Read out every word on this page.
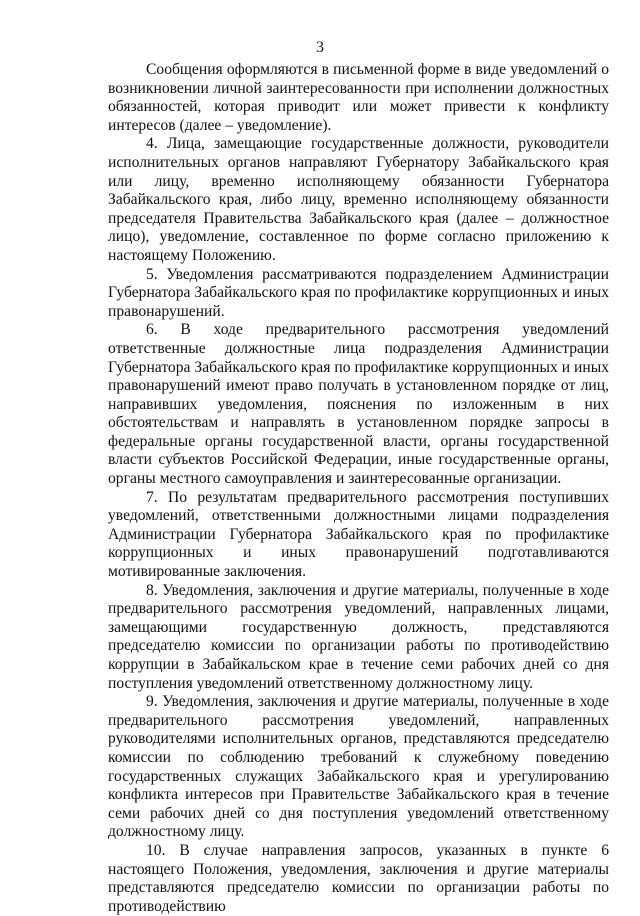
3

Сообщения оформляются в письменной форме в виде уведомлений о возникновении личной заинтересованности при исполнении должностных обязанностей, которая приводит или может привести к конфликту интересов (далее – уведомление).

4. Лица, замещающие государственные должности, руководители исполнительных органов направляют Губернатору Забайкальского края или лицу, временно исполняющему обязанности Губернатора Забайкальского края, либо лицу, временно исполняющему обязанности председателя Правительства Забайкальского края (далее – должностное лицо), уведомление, составленное по форме согласно приложению к настоящему Положению.

5. Уведомления рассматриваются подразделением Администрации Губернатора Забайкальского края по профилактике коррупционных и иных правонарушений.

6. В ходе предварительного рассмотрения уведомлений ответственные должностные лица подразделения Администрации Губернатора Забайкальского края по профилактике коррупционных и иных правонарушений имеют право получать в установленном порядке от лиц, направивших уведомления, пояснения по изложенным в них обстоятельствам и направлять в установленном порядке запросы в федеральные органы государственной власти, органы государственной власти субъектов Российской Федерации, иные государственные органы, органы местного самоуправления и заинтересованные организации.

7. По результатам предварительного рассмотрения поступивших уведомлений, ответственными должностными лицами подразделения Администрации Губернатора Забайкальского края по профилактике коррупционных и иных правонарушений подготавливаются мотивированные заключения.

8. Уведомления, заключения и другие материалы, полученные в ходе предварительного рассмотрения уведомлений, направленных лицами, замещающими государственную должность, представляются председателю комиссии по организации работы по противодействию коррупции в Забайкальском крае в течение семи рабочих дней со дня поступления уведомлений ответственному должностному лицу.

9. Уведомления, заключения и другие материалы, полученные в ходе предварительного рассмотрения уведомлений, направленных руководителями исполнительных органов, представляются председателю комиссии по соблюдению требований к служебному поведению государственных служащих Забайкальского края и урегулированию конфликта интересов при Правительстве Забайкальского края в течение семи рабочих дней со дня поступления уведомлений ответственному должностному лицу.

10. В случае направления запросов, указанных в пункте 6 настоящего Положения, уведомления, заключения и другие материалы представляются председателю комиссии по организации работы по противодействию
